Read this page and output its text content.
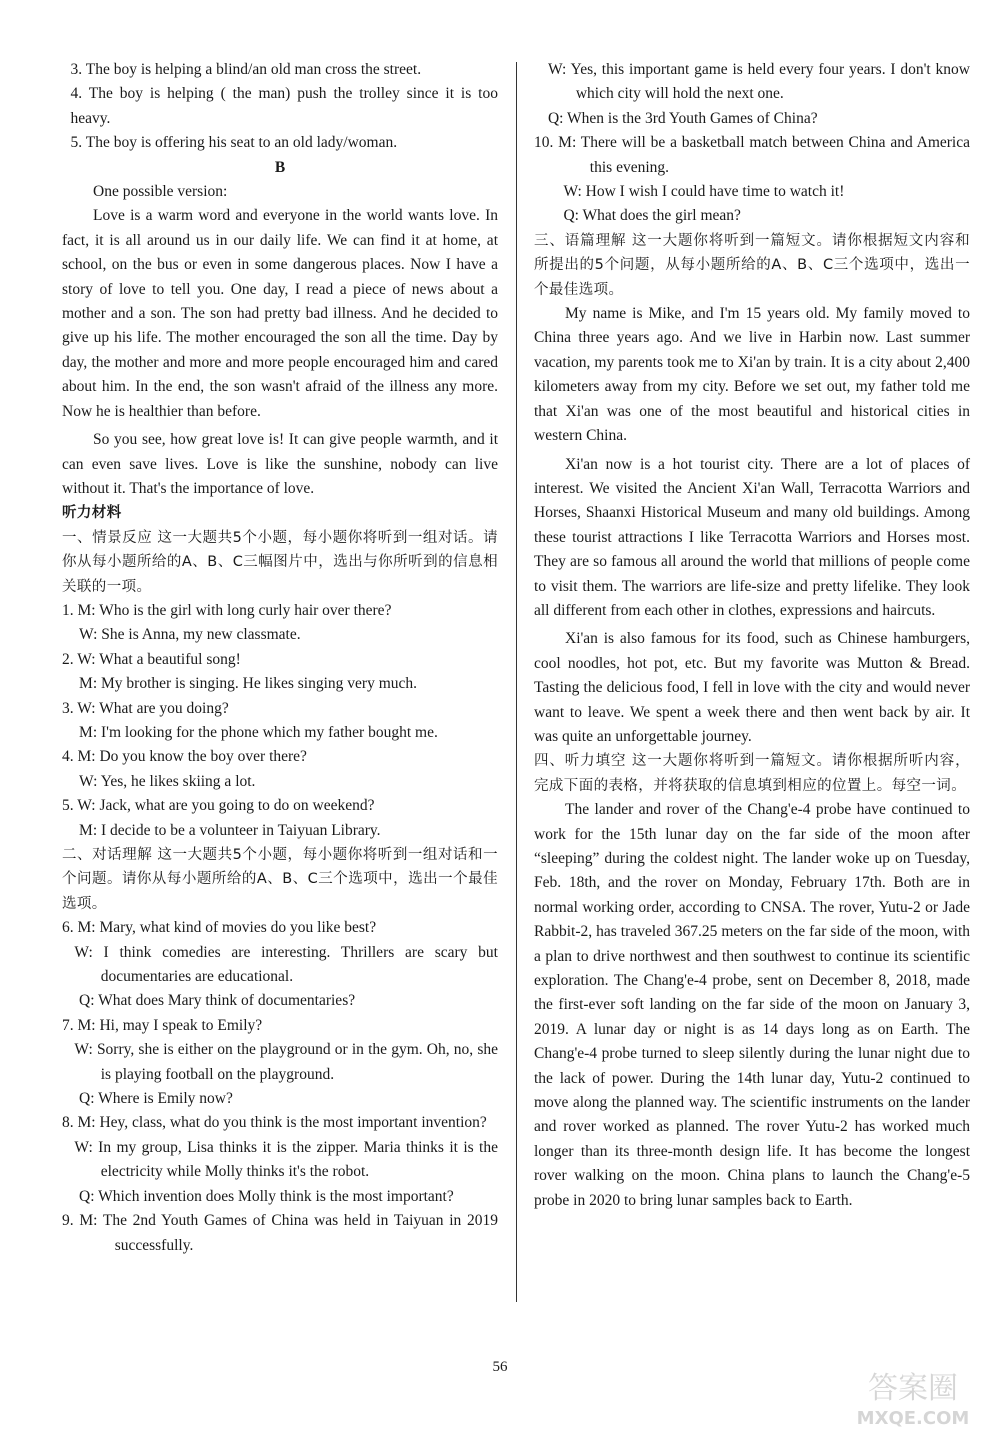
3. The boy is helping a blind/an old man cross the street.

4. The boy is helping ( the man) push the trolley since it is too heavy.

5. The boy is offering his seat to an old lady/woman.

B

One possible version:

Love is a warm word and everyone in the world wants love. In fact, it is all around us in our daily life. We can find it at home, at school, on the bus or even in some dangerous places. Now I have a story of love to tell you. One day, I read a piece of news about a mother and a son. The son had pretty bad illness. And he decided to give up his life. The mother encouraged the son all the time. Day by day, the mother and more and more people encouraged him and cared about him. In the end, the son wasn't afraid of the illness any more. Now he is healthier than before.

So you see, how great love is! It can give people warmth, and it can even save lives. Love is like the sunshine, nobody can live without it. That's the importance of love.

听力材料

一、情景反应 这一大题共5个小题，每小题你将听到一组对话。请你从每小题所给的A、B、C三幅图片中，选出与你所听到的信息相关联的一项。

1. M: Who is the girl with long curly hair over there?

W: She is Anna, my new classmate.

2. W: What a beautiful song!

M: My brother is singing. He likes singing very much.

3. W: What are you doing?

M: I'm looking for the phone which my father bought me.

4. M: Do you know the boy over there?

W: Yes, he likes skiing a lot.

5. W: Jack, what are you going to do on weekend?

M: I decide to be a volunteer in Taiyuan Library.

二、对话理解 这一大题共5个小题，每小题你将听到一组对话和一个问题。请你从每小题所给的A、B、C三个选项中，选出一个最佳选项。

6. M: Mary, what kind of movies do you like best?

W: I think comedies are interesting. Thrillers are scary but documentaries are educational.

Q: What does Mary think of documentaries?

7. M: Hi, may I speak to Emily?

W: Sorry, she is either on the playground or in the gym. Oh, no, she is playing football on the playground.

Q: Where is Emily now?

8. M: Hey, class, what do you think is the most important invention?

W: In my group, Lisa thinks it is the zipper. Maria thinks it is the electricity while Molly thinks it's the robot.

Q: Which invention does Molly think is the most important?

9. M: The 2nd Youth Games of China was held in Taiyuan in 2019 successfully.

W: Yes, this important game is held every four years. I don't know which city will hold the next one.

Q: When is the 3rd Youth Games of China?

10. M: There will be a basketball match between China and America this evening.

W: How I wish I could have time to watch it!

Q: What does the girl mean?

三、语篇理解 这一大题你将听到一篇短文。请你根据短文内容和所提出的5个问题，从每小题所给的A、B、C三个选项中，选出一个最佳选项。

My name is Mike, and I'm 15 years old. My family moved to China three years ago. And we live in Harbin now. Last summer vacation, my parents took me to Xi'an by train. It is a city about 2,400 kilometers away from my city. Before we set out, my father told me that Xi'an was one of the most beautiful and historical cities in western China.

Xi'an now is a hot tourist city. There are a lot of places of interest. We visited the Ancient Xi'an Wall, Terracotta Warriors and Horses, Shaanxi Historical Museum and many old buildings. Among these tourist attractions I like Terracotta Warriors and Horses most. They are so famous all around the world that millions of people come to visit them. The warriors are life-size and pretty lifelike. They look all different from each other in clothes, expressions and haircuts.

Xi'an is also famous for its food, such as Chinese hamburgers, cool noodles, hot pot, etc. But my favorite was Mutton & Bread. Tasting the delicious food, I fell in love with the city and would never want to leave. We spent a week there and then went back by air. It was quite an unforgettable journey.

四、听力填空 这一大题你将听到一篇短文。请你根据所听内容，完成下面的表格，并将获取的信息填到相应的位置上。每空一词。

The lander and rover of the Chang'e-4 probe have continued to work for the 15th lunar day on the far side of the moon after “sleeping” during the coldest night. The lander woke up on Tuesday, Feb. 18th, and the rover on Monday, February 17th. Both are in normal working order, according to CNSA. The rover, Yutu-2 or Jade Rabbit-2, has traveled 367.25 meters on the far side of the moon, with a plan to drive northwest and then southwest to continue its scientific exploration. The Chang'e-4 probe, sent on December 8, 2018, made the first-ever soft landing on the far side of the moon on January 3, 2019. A lunar day or night is as 14 days long as on Earth. The Chang'e-4 probe turned to sleep silently during the lunar night due to the lack of power. During the 14th lunar day, Yutu-2 continued to move along the planned way. The scientific instruments on the lander and rover worked as planned. The rover Yutu-2 has worked much longer than its three-month design life. It has become the longest rover walking on the moon. China plans to launch the Chang'e-5 probe in 2020 to bring lunar samples back to Earth.

56
答案圈
MXQE.COM
